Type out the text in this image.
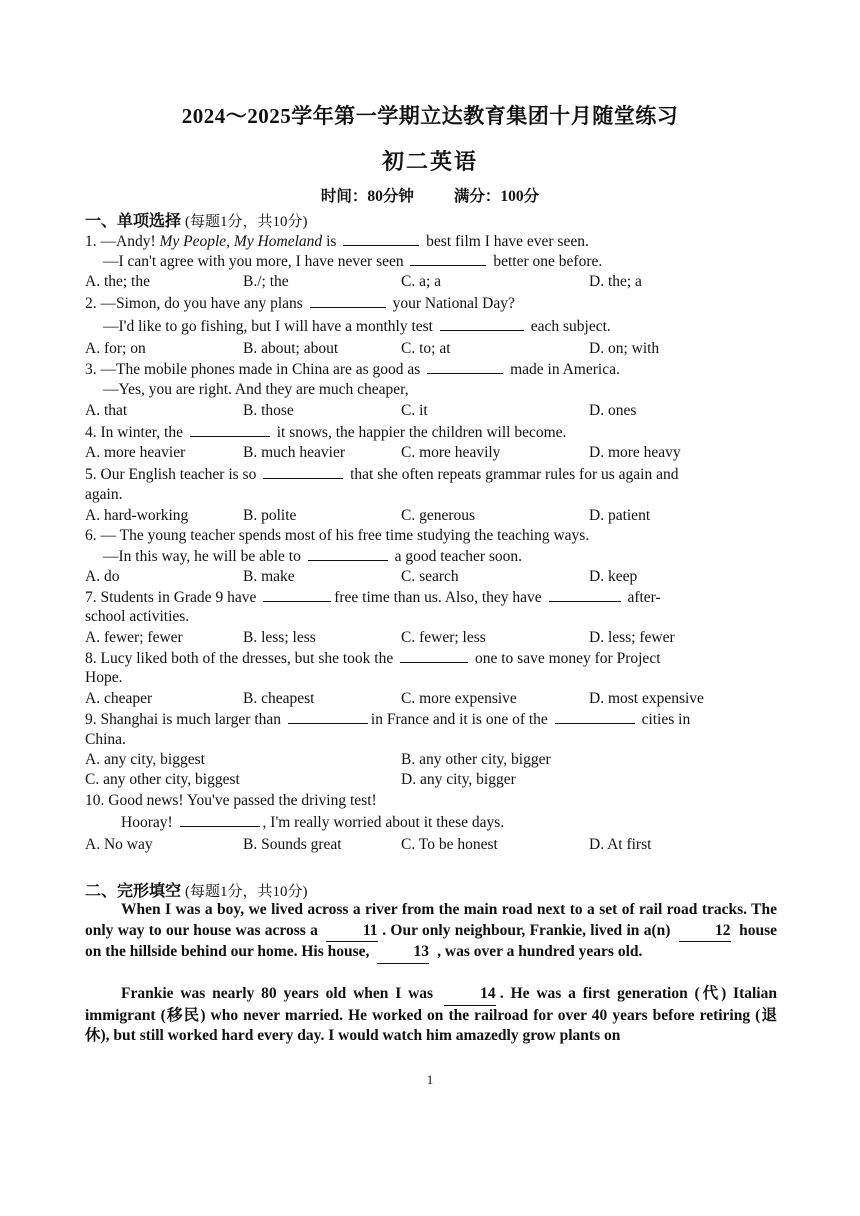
2024～2025学年第一学期立达教育集团十月随堂练习
初二英语
时间：80分钟	满分：100分
一、单项选择 (每题1分，共10分)
1. —Andy! My People, My Homeland is	best film I have ever seen.
—I can't agree with you more, I have never seen	better one before.
A. the; the	B./; the	C. a; a	D. the; a
2. —Simon, do you have any plans	your National Day?
—I'd like to go fishing, but I will have a monthly test	each subject.
A. for; on	B. about; about	C. to; at	D. on; with
3. —The mobile phones made in China are as good as	made in America.
—Yes, you are right. And they are much cheaper,
A. that	B. those	C. it	D. ones
4. In winter, the	it snows, the happier the children will become.
A. more heavier	B. much heavier	C. more heavily	D. more heavy
5. Our English teacher is so	that she often repeats grammar rules for us again and
again.
A. hard-working	B. polite	C. generous	D. patient
6. — The young teacher spends most of his free time studying the teaching ways.
—In this way, he will be able to	a good teacher soon.
A. do	B. make	C. search	D. keep
7. Students in Grade 9 have	free time than us. Also, they have	after-
school activities.
A. fewer; fewer	B. less; less	C. fewer; less	D. less; fewer
8. Lucy liked both of the dresses, but she took the	one to save money for Project
Hope.
A. cheaper	B. cheapest	C. more expensive	D. most expensive
9. Shanghai is much larger than	in France and it is one of the	cities in
China.
A. any city, biggest	B. any other city, bigger
C. any other city, biggest	D. any city, bigger
10. Good news! You've passed the driving test!
Hooray!	, I'm really worried about it these days.
A. No way	B. Sounds great	C. To be honest	D. At first
二、完形填空 (每题1分，共10分)
When I was a boy, we lived across a river from the main road next to a set of rail road tracks. The only way to our house was across a	11 . Our only neighbour, Frankie, lived in a(n)	12 house on the hillside behind our home. His house,	13 , was over a hundred years old.
Frankie was nearly 80 years old when I was	14 . He was a first generation (代) Italian immigrant (移民) who never married. He worked on the railroad for over 40 years before retiring (退休), but still worked hard every day. I would watch him amazedly grow plants on
1
